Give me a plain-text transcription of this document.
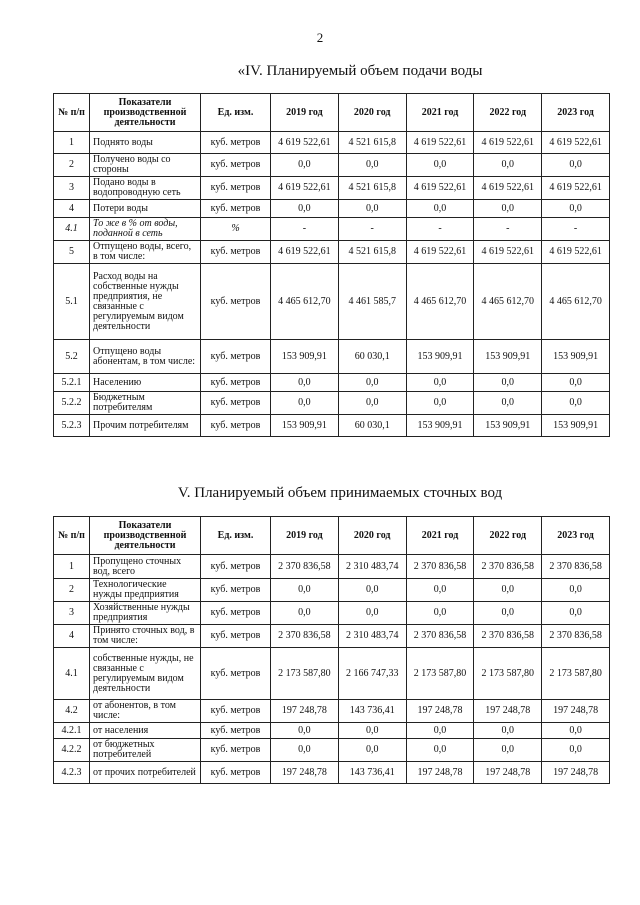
2
«IV. Планируемый объем подачи воды
№ п/п	Показатели производственной деятельности	Ед. изм.	2019 год	2020 год	2021 год	2022 год	2023 год
1	Поднято воды	куб. метров	4 619 522,61	4 521 615,8	4 619 522,61	4 619 522,61	4 619 522,61
2	Получено воды со стороны	куб. метров	0,0	0,0	0,0	0,0	0,0
3	Подано воды в водопроводную сеть	куб. метров	4 619 522,61	4 521 615,8	4 619 522,61	4 619 522,61	4 619 522,61
4	Потери воды	куб. метров	0,0	0,0	0,0	0,0	0,0
4.1	То же в % от воды, поданной в сеть	%	-	-	-	-	-
5	Отпущено воды, всего, в том числе:	куб. метров	4 619 522,61	4 521 615,8	4 619 522,61	4 619 522,61	4 619 522,61
5.1	Расход воды на собственные нужды предприятия, не связанные с регулируемым видом деятельности	куб. метров	4 465 612,70	4 461 585,7	4 465 612,70	4 465 612,70	4 465 612,70
5.2	Отпущено воды абонентам, в том числе:	куб. метров	153 909,91	60 030,1	153 909,91	153 909,91	153 909,91
5.2.1	Населению	куб. метров	0,0	0,0	0,0	0,0	0,0
5.2.2	Бюджетным потребителям	куб. метров	0,0	0,0	0,0	0,0	0,0
5.2.3	Прочим потребителям	куб. метров	153 909,91	60 030,1	153 909,91	153 909,91	153 909,91
V. Планируемый объем принимаемых сточных вод
№ п/п	Показатели производственной деятельности	Ед. изм.	2019 год	2020 год	2021 год	2022 год	2023 год
1	Пропущено сточных вод, всего	куб. метров	2 370 836,58	2 310 483,74	2 370 836,58	2 370 836,58	2 370 836,58
2	Технологические нужды предприятия	куб. метров	0,0	0,0	0,0	0,0	0,0
3	Хозяйственные нужды предприятия	куб. метров	0,0	0,0	0,0	0,0	0,0
4	Принято сточных вод, в том числе:	куб. метров	2 370 836,58	2 310 483,74	2 370 836,58	2 370 836,58	2 370 836,58
4.1	собственные нужды, не связанные с регулируемым видом деятельности	куб. метров	2 173 587,80	2 166 747,33	2 173 587,80	2 173 587,80	2 173 587,80
4.2	от абонентов, в том числе:	куб. метров	197 248,78	143 736,41	197 248,78	197 248,78	197 248,78
4.2.1	от населения	куб. метров	0,0	0,0	0,0	0,0	0,0
4.2.2	от бюджетных потребителей	куб. метров	0,0	0,0	0,0	0,0	0,0
4.2.3	от прочих потребителей	куб. метров	197 248,78	143 736,41	197 248,78	197 248,78	197 248,78
